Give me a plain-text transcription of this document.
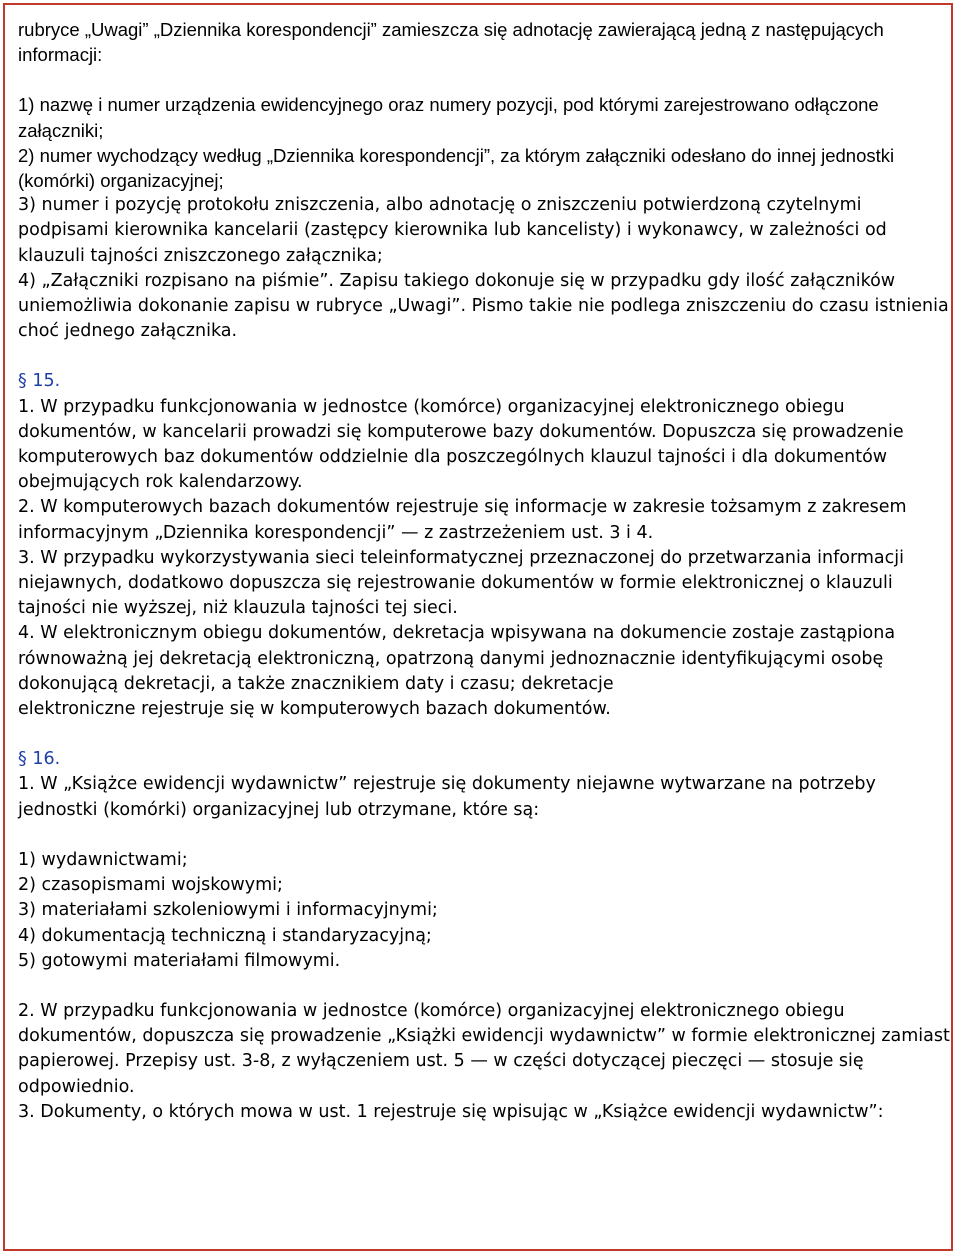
rubryce „Uwagi” „Dziennika korespondencji” zamieszcza się adnotację zawierającą jedną z następujących informacji:

1) nazwę i numer urządzenia ewidencyjnego oraz numery pozycji, pod którymi zarejestrowano odłączone załączniki;

2) numer wychodzący według „Dziennika korespondencji”, za którym załączniki odesłano do innej jednostki (komórki) organizacyjnej;

3) numer i pozycję protokołu zniszczenia, albo adnotację o zniszczeniu potwierdzoną czytelnymi podpisami kierownika kancelarii (zastępcy kierownika lub kancelisty) i wykonawcy, w zależności od klauzuli tajności zniszczonego załącznika;

4) „Załączniki rozpisano na piśmie”. Zapisu takiego dokonuje się w przypadku gdy ilość załączników uniemożliwia dokonanie zapisu w rubryce „Uwagi”. Pismo takie nie podlega zniszczeniu do czasu istnienia choć jednego załącznika.

§ 15.

1. W przypadku funkcjonowania w jednostce (komórce) organizacyjnej elektronicznego obiegu dokumentów, w kancelarii prowadzi się komputerowe bazy dokumentów. Dopuszcza się prowadzenie komputerowych baz dokumentów oddzielnie dla poszczególnych klauzul tajności i dla dokumentów obejmujących rok kalendarzowy.

2. W komputerowych bazach dokumentów rejestruje się informacje w zakresie tożsamym z zakresem informacyjnym „Dziennika korespondencji” — z zastrzeżeniem ust. 3 i 4.

3. W przypadku wykorzystywania sieci teleinformatycznej przeznaczonej do przetwarzania informacji niejawnych, dodatkowo dopuszcza się rejestrowanie dokumentów w formie elektronicznej o klauzuli tajności nie wyższej, niż klauzula tajności tej sieci.

4. W elektronicznym obiegu dokumentów, dekretacja wpisywana na dokumencie zostaje zastąpiona równoważną jej dekretacją elektroniczną, opatrzoną danymi jednoznacznie identyfikującymi osobę dokonującą dekretacji, a także znacznikiem daty i czasu; dekretacje

elektroniczne rejestruje się w komputerowych bazach dokumentów.

§ 16.

1. W „Książce ewidencji wydawnictw” rejestruje się dokumenty niejawne wytwarzane na potrzeby jednostki (komórki) organizacyjnej lub otrzymane, które są:

1) wydawnictwami;

2) czasopismami wojskowymi;

3) materiałami szkoleniowymi i informacyjnymi;

4) dokumentacją techniczną i standaryzacyjną;

5) gotowymi materiałami filmowymi.

2. W przypadku funkcjonowania w jednostce (komórce) organizacyjnej elektronicznego obiegu dokumentów, dopuszcza się prowadzenie „Książki ewidencji wydawnictw” w formie elektronicznej zamiast papierowej. Przepisy ust. 3-8, z wyłączeniem ust. 5 — w części dotyczącej pieczęci — stosuje się odpowiednio.

3. Dokumenty, o których mowa w ust. 1 rejestruje się wpisując w „Książce ewidencji wydawnictw”:
